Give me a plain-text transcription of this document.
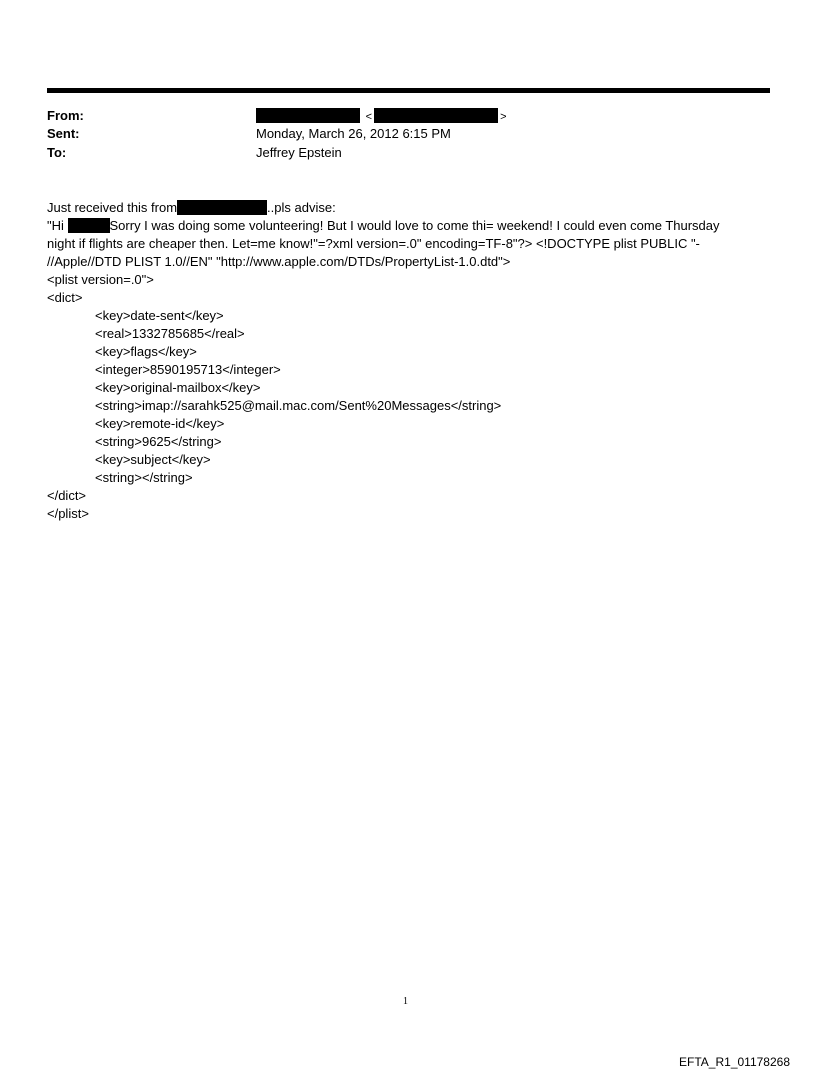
From:	<	>
Sent:	Monday, March 26, 2012 6:15 PM
To:	Jeffrey Epstein
Just received this from	..pls advise:
"Hi	Sorry I was doing some volunteering! But I would love to come thi= weekend! I could even come Thursday
night if flights are cheaper then. Let=me know!"=?xml version=.0" encoding=TF-8"?> <!DOCTYPE plist PUBLIC "-
//Apple//DTD PLIST 1.0//EN" "http://www.apple.com/DTDs/PropertyList-1.0.dtd">
<plist version=.0">
<dict>
<key>date-sent</key>
<real>1332785685</real>
<key>flags</key>
<integer>8590195713</integer>
<key>original-mailbox</key>
<string>imap://sarahk525@mail.mac.com/Sent%20Messages</string>
<key>remote-id</key>
<string>9625</string>
<key>subject</key>
<string></string>
</dict>
</plist>
1
EFTA_R1_01178268
